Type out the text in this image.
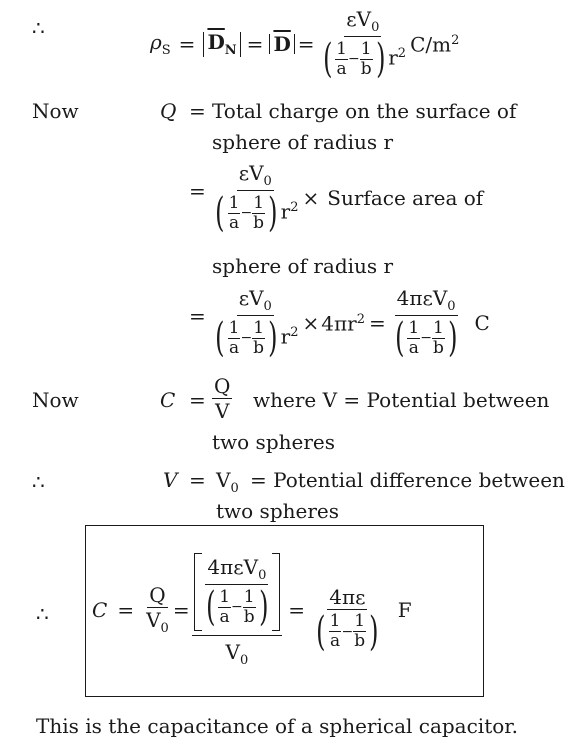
∴
$\rho_S = \overline{D}_N = \overline{D} = \frac{\varepsilon V_0}{( \frac{1}{a} - \frac{1}{b} ) r^2} C/m^2$
Now	Q = Total charge on the surface of
sphere of radius r
= $\frac{\varepsilon V_0}{( \frac{1}{a} - \frac{1}{b} ) r^2}$ × Surface area of
sphere of radius r
= $\frac{\varepsilon V_0}{( \frac{1}{a} - \frac{1}{b} ) r^2} \times 4\pi r^2 = \frac{4\pi\varepsilon V_0}{( \frac{1}{a} - \frac{1}{b} )}$ C
Now	$C = \frac{Q}{V}$ where V = Potential between
two spheres
∴	$V = V_0$ = Potential difference between
two spheres
∴ $C = \frac{Q}{V_0} = \frac{\frac{4\pi\varepsilon V_0}{( \frac{1}{a} - \frac{1}{b} )}}{V_0} = \frac{4\pi\varepsilon}{( \frac{1}{a} - \frac{1}{b} )}$ F
This is the capacitance of a spherical capacitor.
